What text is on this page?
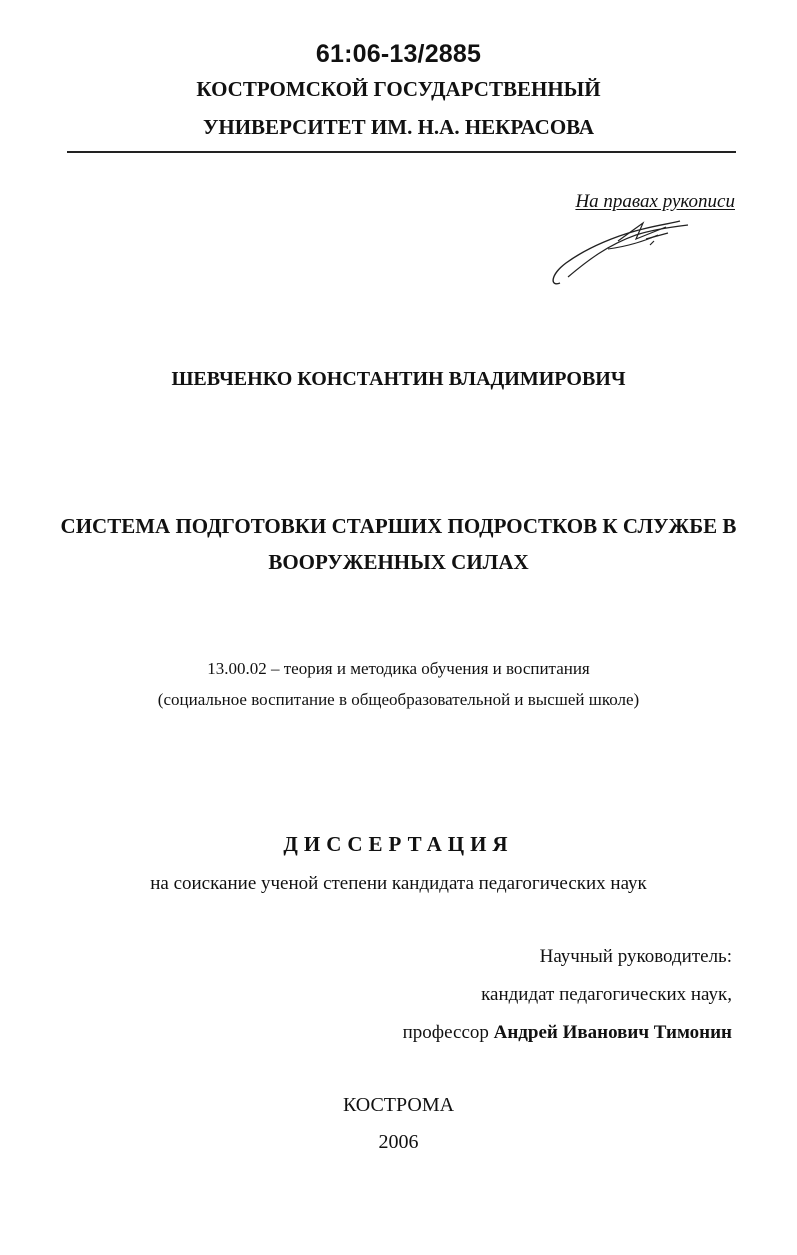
61:06-13/2885
КОСТРОМСКОЙ ГОСУДАРСТВЕННЫЙ
УНИВЕРСИТЕТ ИМ. Н.А. НЕКРАСОВА
На правах рукописи
ШЕВЧЕНКО КОНСТАНТИН ВЛАДИМИРОВИЧ
СИСТЕМА ПОДГОТОВКИ СТАРШИХ ПОДРОСТКОВ К СЛУЖБЕ В
ВООРУЖЕННЫХ СИЛАХ
13.00.02 – теория и методика обучения и воспитания
(социальное воспитание в общеобразовательной и высшей школе)
ДИССЕРТАЦИЯ
на соискание ученой степени кандидата педагогических наук
Научный руководитель:
кандидат педагогических наук,
профессор Андрей Иванович Тимонин
КОСТРОМА
2006
